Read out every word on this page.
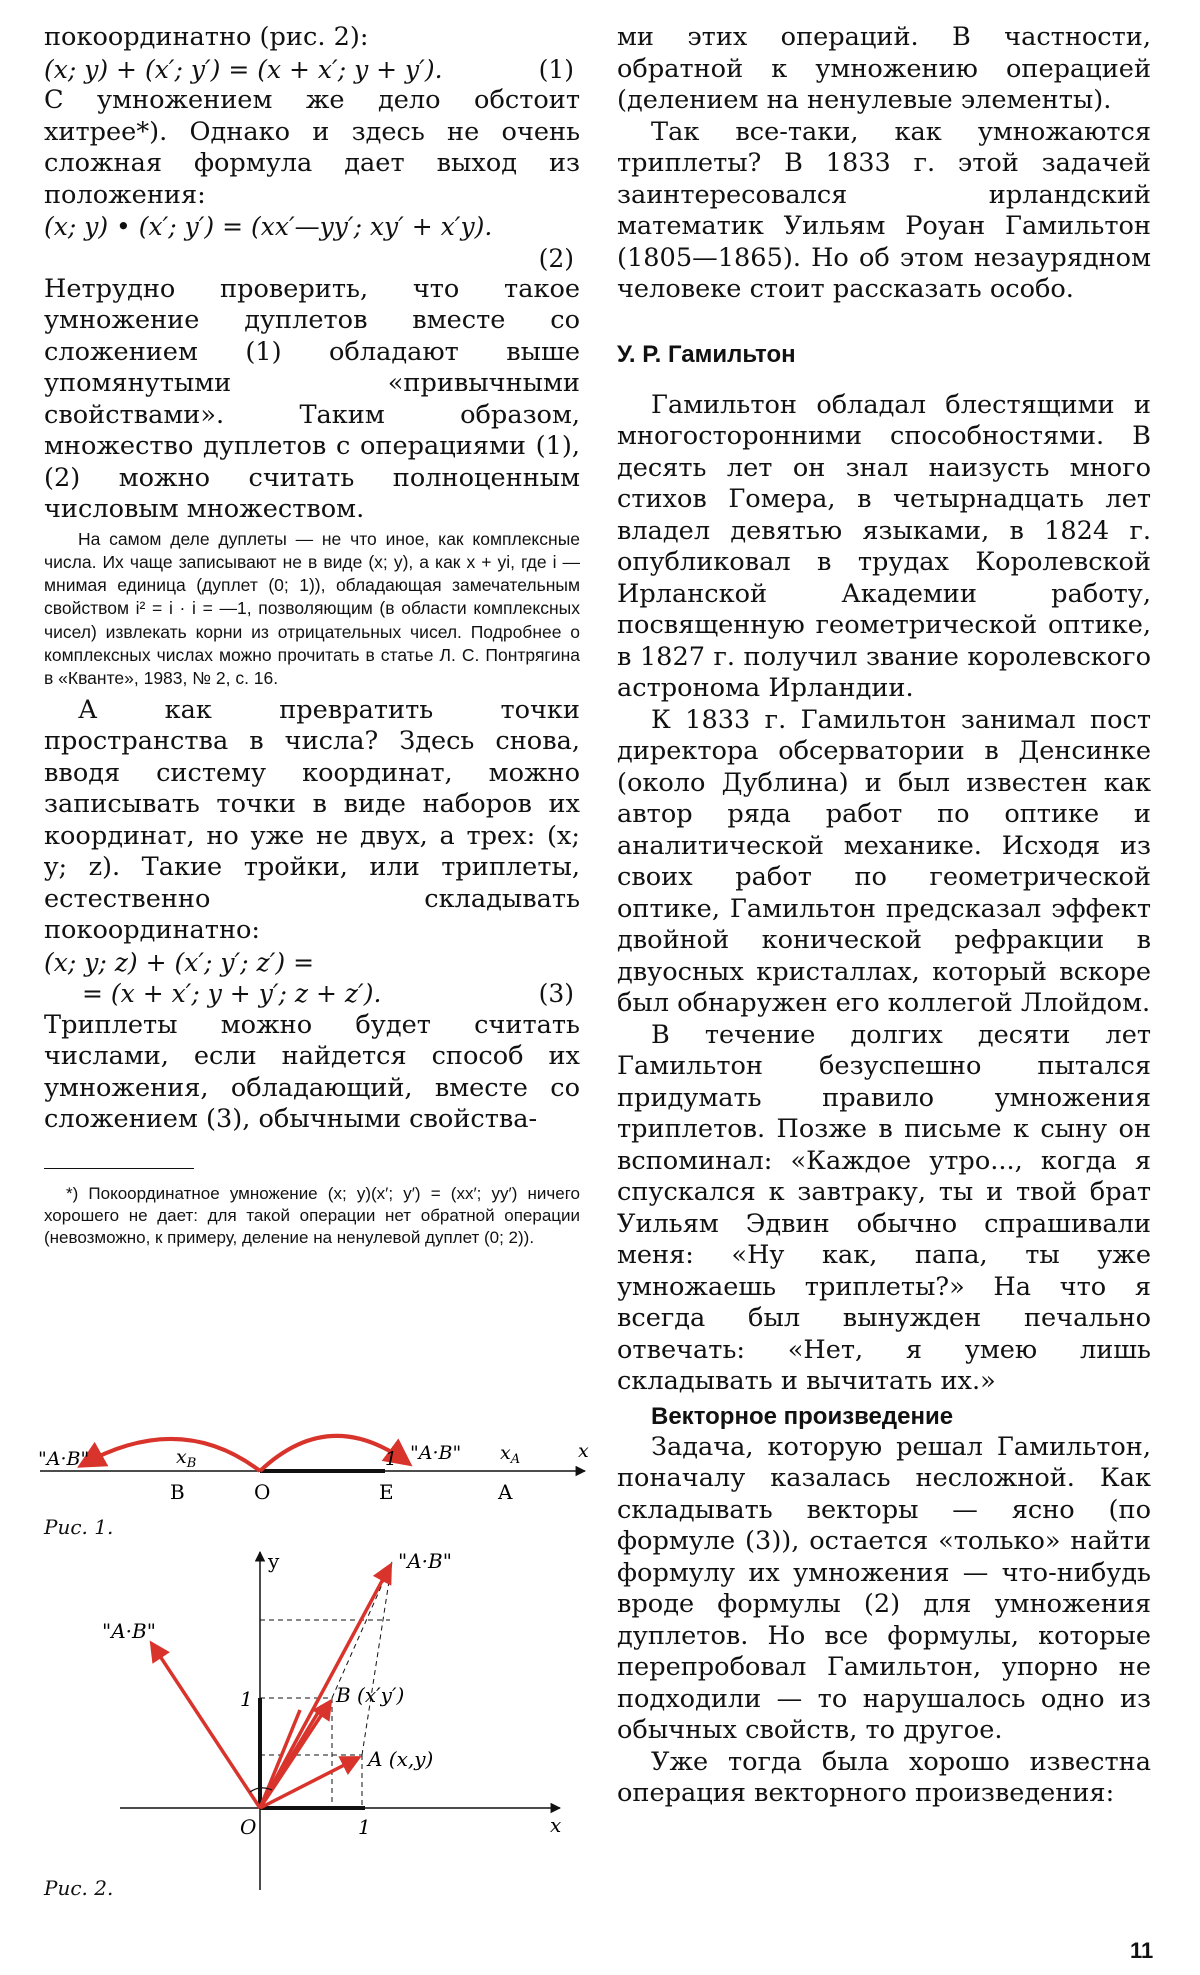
покоординатно (рис. 2):

(x; y) + (x′; y′) = (x + x′; y + y′).	(1)

С умножением же дело обстоит хитрее*). Однако и здесь не очень сложная формула дает выход из положения:

(x; y) • (x′; y′) = (xx′—yy′; xy′ + x′y).
(2)

Нетрудно проверить, что такое умножение дуплетов вместе со сложением (1) обладают выше упомянутыми «привычными свойствами». Таким образом, множество дуплетов с операциями (1), (2) можно считать полноценным числовым множеством.

На самом деле дуплеты — не что иное, как комплексные числа. Их чаще записывают не в виде (x; y), а как x + yi, где i — мнимая единица (дуплет (0; 1)), обладающая замечательным свойством i² = i · i = —1, позволяющим (в области комплексных чисел) извлекать корни из отрицательных чисел. Подробнее о комплексных числах можно прочитать в статье Л. С. Понтрягина в «Кванте», 1983, № 2, с. 16.

А как превратить точки пространства в числа? Здесь снова, вводя систему координат, можно записывать точки в виде наборов их координат, но уже не двух, а трех: (x; y; z). Такие тройки, или триплеты, естественно складывать покоординатно:

(x; y; z) + (x′; y′; z′) =
= (x + x′; y + y′; z + z′).	(3)

Триплеты можно будет считать числами, если найдется способ их умножения, обладающий, вместе со сложением (3), обычными свойства-

*) Покоординатное умножение (x; y)(x′; y′) = (xx′; yy′) ничего хорошего не дает: для такой операции нет обратной операции (невозможно, к примеру, деление на ненулевой дуплет (0; 2)).

"A·B"	$x_B$	1 "A·B" $x_A$	x
B	O	E	A
Рис. 1.
y
x
O	1
1
"A·B"
"A·B"
B (x′y′)
A (x,y)
Рис. 2.

ми этих операций. В частности, обратной к умножению операцией (делением на ненулевые элементы).

Так все-таки, как умножаются триплеты? В 1833 г. этой задачей заинтересовался ирландский математик Уильям Роуан Гамильтон (1805—1865). Но об этом незаурядном человеке стоит рассказать особо.

У. Р. Гамильтон

Гамильтон обладал блестящими и многосторонними способностями. В десять лет он знал наизусть много стихов Гомера, в четырнадцать лет владел девятью языками, в 1824 г. опубликовал в трудах Королевской Ирланской Академии работу, посвященную геометрической оптике, в 1827 г. получил звание королевского астронома Ирландии.

К 1833 г. Гамильтон занимал пост директора обсерватории в Денсинке (около Дублина) и был известен как автор ряда работ по оптике и аналитической механике. Исходя из своих работ по геометрической оптике, Гамильтон предсказал эффект двойной конической рефракции в двуосных кристаллах, который вскоре был обнаружен его коллегой Ллойдом.

В течение долгих десяти лет Гамильтон безуспешно пытался придумать правило умножения триплетов. Позже в письме к сыну он вспоминал: «Каждое утро..., когда я спускался к завтраку, ты и твой брат Уильям Эдвин обычно спрашивали меня: «Ну как, папа, ты уже умножаешь триплеты?» На что я всегда был вынужден печально отвечать: «Нет, я умею лишь складывать и вычитать их.»

Векторное произведение

Задача, которую решал Гамильтон, поначалу казалась несложной. Как складывать векторы — ясно (по формуле (3)), остается «только» найти формулу их умножения — что-нибудь вроде формулы (2) для умножения дуплетов. Но все формулы, которые перепробовал Гамильтон, упорно не подходили — то нарушалось одно из обычных свойств, то другое.

Уже тогда была хорошо известна операция векторного произведения:

11
